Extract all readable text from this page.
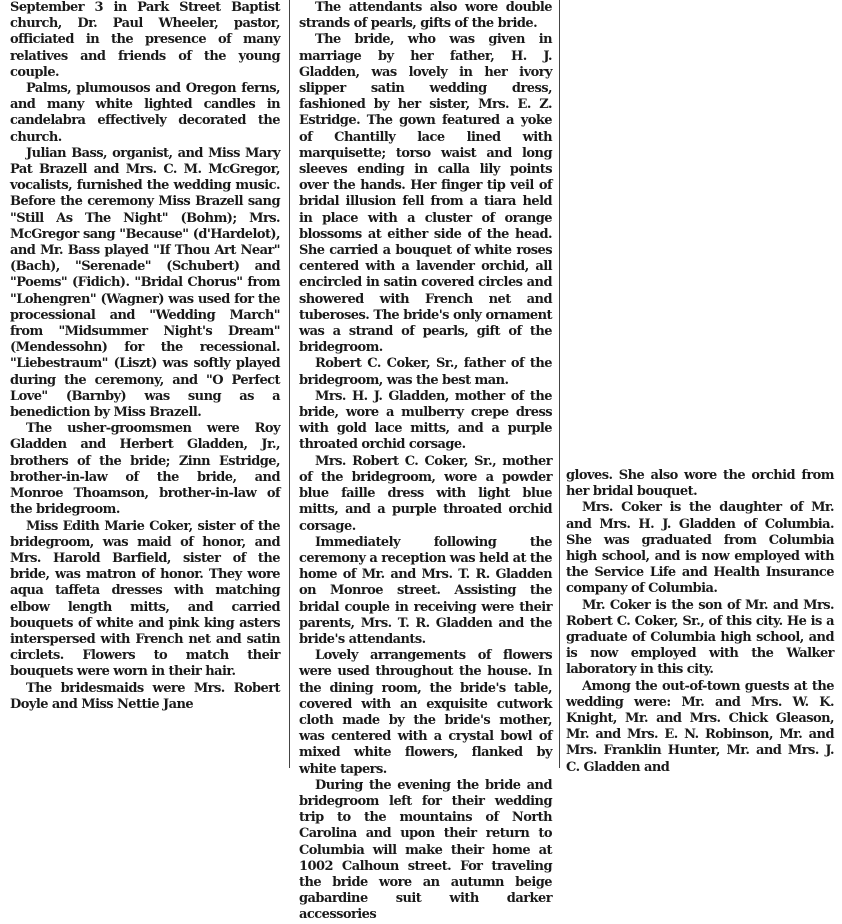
September 3 in Park Street Baptist church, Dr. Paul Wheeler, pastor, officiated in the presence of many relatives and friends of the young couple.

Palms, plumousos and Oregon ferns, and many white lighted candles in candelabra effectively decorated the church.

Julian Bass, organist, and Miss Mary Pat Brazell and Mrs. C. M. McGregor, vocalists, furnished the wedding music. Before the ceremony Miss Brazell sang "Still As The Night" (Bohm); Mrs. McGregor sang "Because" (d'Hardelot), and Mr. Bass played "If Thou Art Near" (Bach), "Serenade" (Schubert) and "Poems" (Fidich). "Bridal Chorus" from "Lohengren" (Wagner) was used for the processional and "Wedding March" from "Midsummer Night's Dream" (Mendessohn) for the recessional. "Liebestraum" (Liszt) was softly played during the ceremony, and "O Perfect Love" (Barnby) was sung as a benediction by Miss Brazell.

The usher-groomsmen were Roy Gladden and Herbert Gladden, Jr., brothers of the bride; Zinn Estridge, brother-in-law of the bride, and Monroe Thoamson, brother-in-law of the bridegroom.

Miss Edith Marie Coker, sister of the bridegroom, was maid of honor, and Mrs. Harold Barfield, sister of the bride, was matron of honor. They wore aqua taffeta dresses with matching elbow length mitts, and carried bouquets of white and pink king asters interspersed with French net and satin circlets. Flowers to match their bouquets were worn in their hair.

The bridesmaids were Mrs. Robert Doyle and Miss Nettie Jane

The attendants also wore double strands of pearls, gifts of the bride.

The bride, who was given in marriage by her father, H. J. Gladden, was lovely in her ivory slipper satin wedding dress, fashioned by her sister, Mrs. E. Z. Estridge. The gown featured a yoke of Chantilly lace lined with marquisette; torso waist and long sleeves ending in calla lily points over the hands. Her finger tip veil of bridal illusion fell from a tiara held in place with a cluster of orange blossoms at either side of the head. She carried a bouquet of white roses centered with a lavender orchid, all encircled in satin covered circles and showered with French net and tuberoses. The bride's only ornament was a strand of pearls, gift of the bridegroom.

Robert C. Coker, Sr., father of the bridegroom, was the best man.

Mrs. H. J. Gladden, mother of the bride, wore a mulberry crepe dress with gold lace mitts, and a purple throated orchid corsage.

Mrs. Robert C. Coker, Sr., mother of the bridegroom, wore a powder blue faille dress with light blue mitts, and a purple throated orchid corsage.

Immediately following the ceremony a reception was held at the home of Mr. and Mrs. T. R. Gladden on Monroe street. Assisting the bridal couple in receiving were their parents, Mrs. T. R. Gladden and the bride's attendants.

Lovely arrangements of flowers were used throughout the house. In the dining room, the bride's table, covered with an exquisite cutwork cloth made by the bride's mother, was centered with a crystal bowl of mixed white flowers, flanked by white tapers.

During the evening the bride and bridegroom left for their wedding trip to the mountains of North Carolina and upon their return to Columbia will make their home at 1002 Calhoun street. For traveling the bride wore an autumn beige gabardine suit with darker accessories

gloves. She also wore the orchid from her bridal bouquet.

Mrs. Coker is the daughter of Mr. and Mrs. H. J. Gladden of Columbia. She was graduated from Columbia high school, and is now employed with the Service Life and Health Insurance company of Columbia.

Mr. Coker is the son of Mr. and Mrs. Robert C. Coker, Sr., of this city. He is a graduate of Columbia high school, and is now employed with the Walker laboratory in this city.

Among the out-of-town guests at the wedding were: Mr. and Mrs. W. K. Knight, Mr. and Mrs. Chick Gleason, Mr. and Mrs. E. N. Robinson, Mr. and Mrs. Franklin Hunter, Mr. and Mrs. J. C. Gladden and
